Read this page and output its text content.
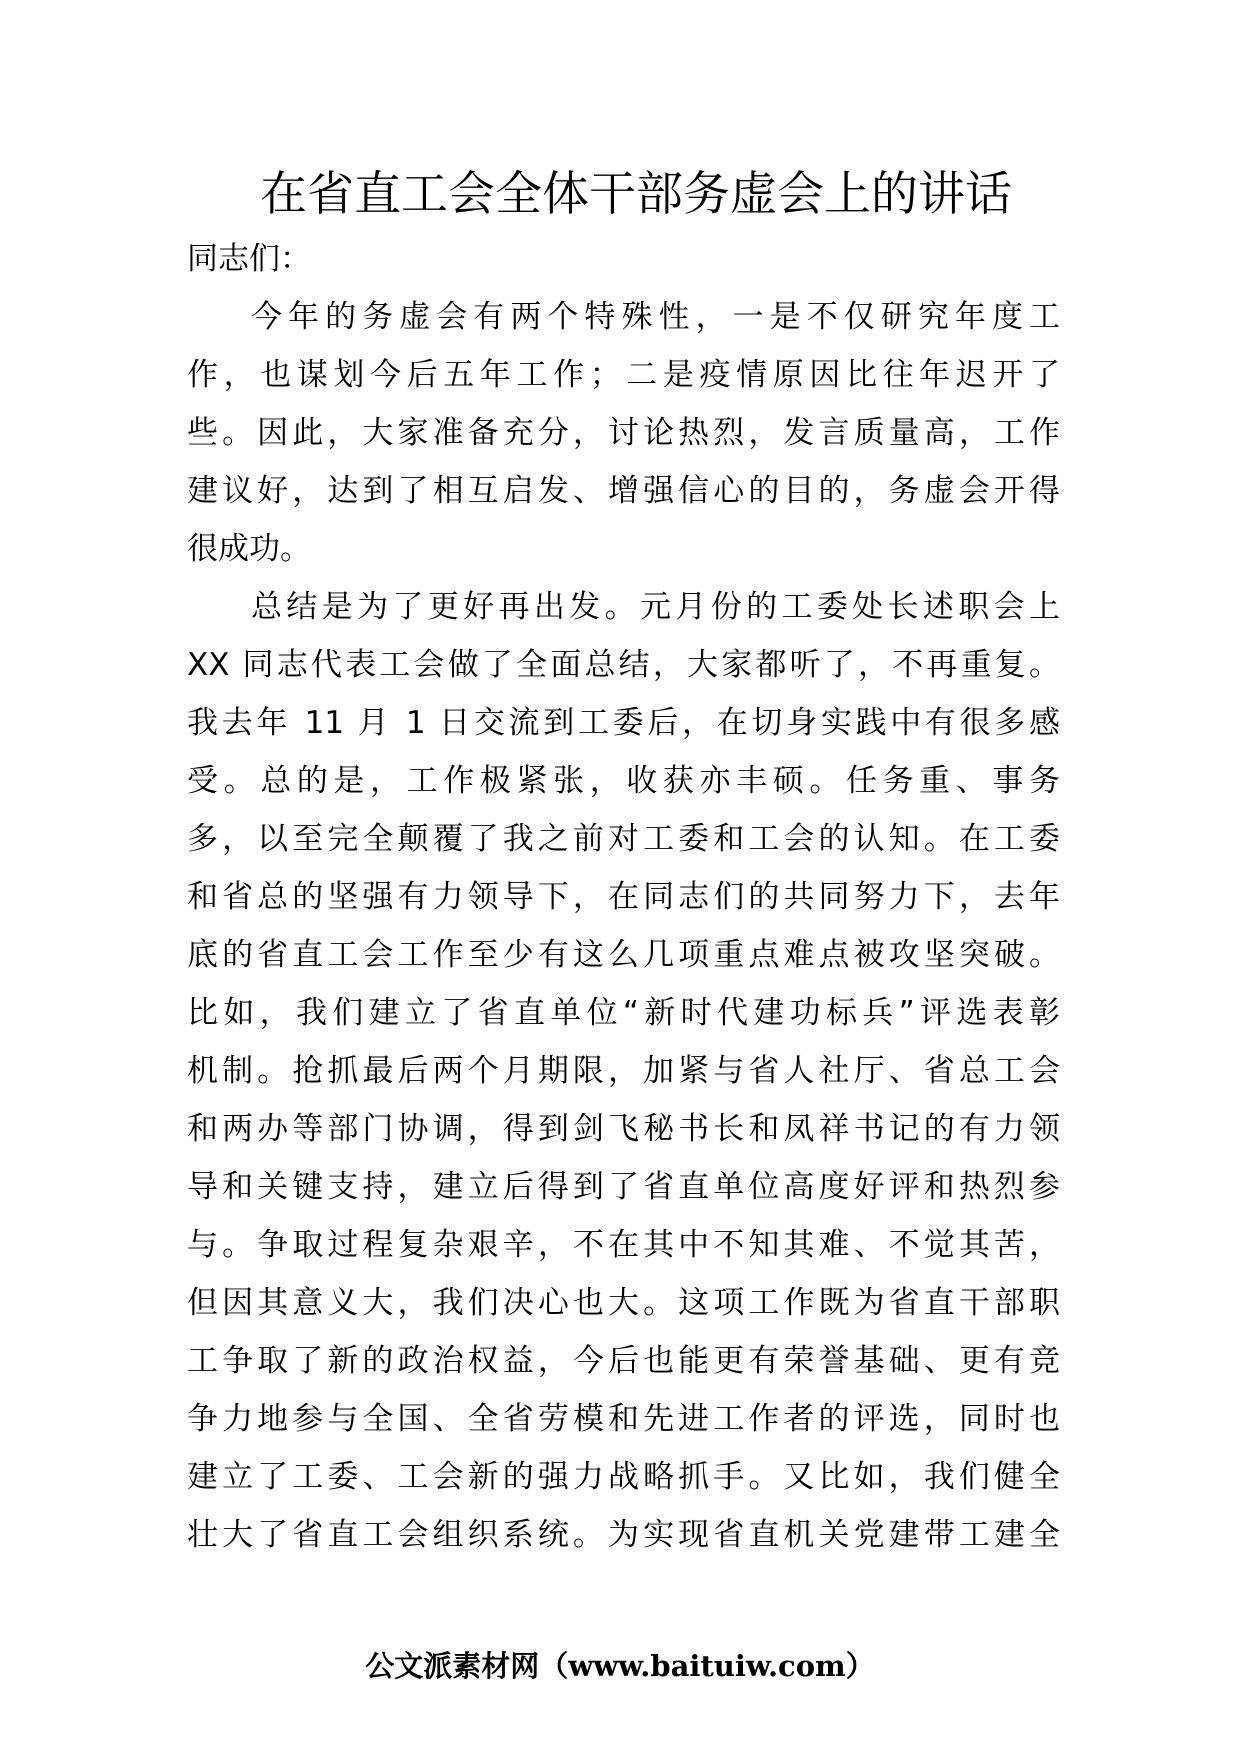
在省直工会全体干部务虚会上的讲话
同志们：
今年的务虚会有两个特殊性，一是不仅研究年度工
作，也谋划今后五年工作；二是疫情原因比往年迟开了
些。因此，大家准备充分，讨论热烈，发言质量高，工作
建议好，达到了相互启发、增强信心的目的，务虚会开得
很成功。
总结是为了更好再出发。元月份的工委处长述职会上
XX 同志代表工会做了全面总结，大家都听了，不再重复。
我去年 11 月 1 日交流到工委后，在切身实践中有很多感
受。总的是，工作极紧张，收获亦丰硕。任务重、事务
多，以至完全颠覆了我之前对工委和工会的认知。在工委
和省总的坚强有力领导下，在同志们的共同努力下，去年
底的省直工会工作至少有这么几项重点难点被攻坚突破。
比如，我们建立了省直单位“新时代建功标兵”评选表彰
机制。抢抓最后两个月期限，加紧与省人社厅、省总工会
和两办等部门协调，得到剑飞秘书长和凤祥书记的有力领
导和关键支持，建立后得到了省直单位高度好评和热烈参
与。争取过程复杂艰辛，不在其中不知其难、不觉其苦，
但因其意义大，我们决心也大。这项工作既为省直干部职
工争取了新的政治权益，今后也能更有荣誉基础、更有竞
争力地参与全国、全省劳模和先进工作者的评选，同时也
建立了工委、工会新的强力战略抓手。又比如，我们健全
壮大了省直工会组织系统。为实现省直机关党建带工建全
公文派素材网（www.baituiw.com）
